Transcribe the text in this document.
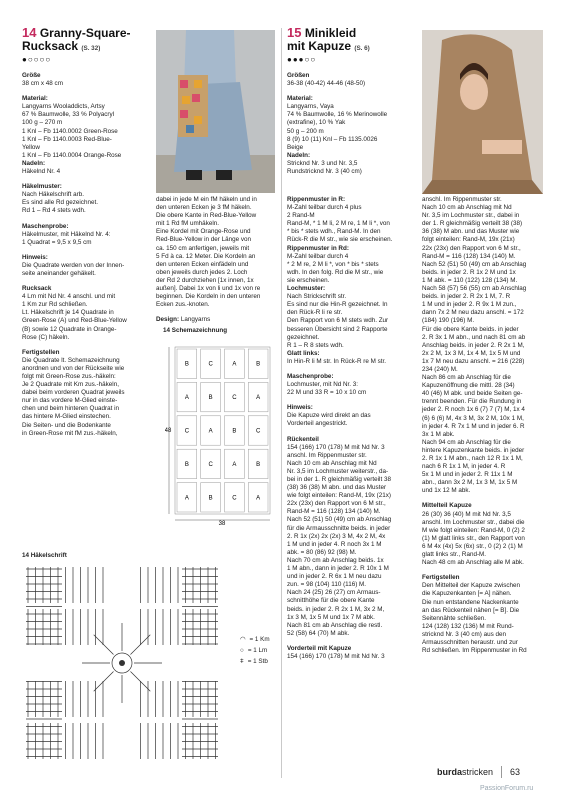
14 Granny-Square-
Rucksack (S. 32)
●○○○○

Größe
38 cm x 48 cm

Material:
Langyarns Wooladdicts, Artsy
67 % Baumwolle, 33 % Polyacryl
100 g – 270 m
1 Knl – Fb 1140.0002 Green-Rose
1 Knl – Fb 1140.0003 Red-Blue-
Yellow
1 Knl – Fb 1140.0004 Orange-Rose
Nadeln:
Häkelnd Nr. 4

Häkelmuster:
Nach Häkelschrift arb.
Es sind alle Rd gezeichnet.
Rd 1 – Rd 4 stets wdh.

Maschenprobe:
Häkelmuster, mit Häkelnd Nr. 4:
1 Quadrat = 9,5 x 9,5 cm

Hinweis:
Die Quadrate werden von der Innen-
seite aneinander gehäkelt.

Rucksack
4 Lm mit Nd Nr. 4 anschl. und mit
1 Km zur Rd schließen.
Lt. Häkelschrift je 14 Quadrate in
Green-Rose (A) und Red-Blue-Yellow
(B) sowie 12 Quadrate in Orange-
Rose (C) häkeln.

Fertigstellen
Die Quadrate lt. Schemazeichnung
anordnen und von der Rückseite wie
folgt mit Green-Rose zus.-häkeln:
Je 2 Quadrate mit Km zus.-häkeln,
dabei beim vorderen Quadrat jeweils
nur in das vordere M-Glied einste-
chen und beim hinteren Quadrat in
das hintere M-Glied einstechen.
Die Seiten- und die Bodenkante
in Green-Rose mit fM zus.-häkeln,

dabei in jede M ein fM häkeln und in
den unteren Ecken je 3 fM häkeln.
Die obere Kante in Red-Blue-Yellow
mit 1 Rd fM umhäkeln.
Eine Kordel mit Orange-Rose und
Red-Blue-Yellow in der Länge von
ca. 150 cm anfertigen, jeweils mit
5 Fd à ca. 12 Meter. Die Kordeln an
den unteren Ecken einfädeln und
oben jeweils durch jedes 2. Loch
der Rd 2 durchziehen [1x innen, 1x
außen]. Dabei 1x von li und 1x von re
beginnen. Die Kordeln in den unteren
Ecken zus.-knoten.

Design: Langyarns

14 Schemazeichnung
B	C	A	B
A	B	C	A
C	A	B	C
B	C	A	B
A	B	C	A
48
38
14 Häkelschrift
◠ = 1 Km
○ = 1 Lm
ǂ = 1 Stb
15 Minikleid
mit Kapuze (S. 6)
●●●○○

Größen
36-38 (40-42) 44-46 (48-50)

Material:
Langyarns, Vaya
74 % Baumwolle, 16 % Merinowolle
(extrafine), 10 % Yak
50 g – 200 m
8 (9) 10 (11) Knl – Fb 1135.0026
Beige
Nadeln:
Stricknd Nr. 3 und Nr. 3,5
Rundstricknd Nr. 3 (40 cm)

Rippenmuster in R:
M-Zahl teilbar durch 4 plus
2 Rand-M
Rand-M, * 1 M li, 2 M re, 1 M li *, von
* bis * stets wdh., Rand-M. In den
Rück-R die M str., wie sie erscheinen.
Rippenmuster in Rd:
M-Zahl teilbar durch 4
* 2 M re, 2 M li *, von * bis * stets
wdh. In den folg. Rd die M str., wie
sie erscheinen.
Lochmuster:
Nach Strickschrift str.
Es sind nur die Hin-R gezeichnet. In
den Rück-R li re str.
Den Rapport von 6 M stets wdh. Zur
besseren Übersicht sind 2 Rapporte
gezeichnet.
R 1 – R 8 stets wdh.
Glatt links:
In Hin-R li M str. In Rück-R re M str.

Maschenprobe:
Lochmuster, mit Nd Nr. 3:
22 M und 33 R = 10 x 10 cm

Hinweis:
Die Kapuze wird direkt an das
Vorderteil angestrickt.

Rückenteil
154 (166) 170 (178) M mit Nd Nr. 3
anschl. Im Rippenmuster str.
Nach 10 cm ab Anschlag mit Nd
Nr. 3,5 im Lochmuster weiterstr., da-
bei in der 1. R gleichmäßig verteilt 38
(38) 36 (38) M abn. und das Muster
wie folgt einteilen: Rand-M, 19x (21x)
22x (23x) den Rapport von 6 M str.,
Rand-M = 116 (128) 134 (140) M.
Nach 52 (51) 50 (49) cm ab Anschlag
für die Armausschnitte beids. in jeder
2. R 1x (2x) 2x (2x) 3 M, 4x 2 M, 4x
1 M und in jeder 4. R noch 3x 1 M
abk. = 80 (86) 92 (98) M.
Nach 70 cm ab Anschlag beids. 1x
1 M abn., dann in jeder 2. R 10x 1 M
und in jeder 2. R 6x 1 M neu dazu
zun. = 98 (104) 110 (116) M.
Nach 24 (25) 26 (27) cm Armaus-
schnitthöhe für die obere Kante
beids. in jeder 2. R 2x 1 M, 3x 2 M,
1x 3 M, 1x 5 M und 1x 7 M abk.
Nach 81 cm ab Anschlag die restl.
52 (58) 64 (70) M abk.

Vorderteil mit Kapuze
154 (166) 170 (178) M mit Nd Nr. 3

anschl. Im Rippenmuster str.
Nach 10 cm ab Anschlag mit Nd
Nr. 3,5 im Lochmuster str., dabei in
der 1. R gleichmäßig verteilt 38 (38)
36 (38) M abn. und das Muster wie
folgt einteilen: Rand-M, 19x (21x)
22x (23x) den Rapport von 6 M str.,
Rand-M = 116 (128) 134 (140) M.
Nach 52 (51) 50 (49) cm ab Anschlag
beids. in jeder 2. R 1x 2 M und 1x
1 M abk. = 110 (122) 128 (134) M.
Nach 58 (57) 56 (55) cm ab Anschlag
beids. in jeder 2. R 2x 1 M, 7. R
1 M und in jeder 2. R 9x 1 M zun.,
dann 7x 2 M neu dazu anschl. = 172
(184) 190 (196) M.
Für die obere Kante beids. in jeder
2. R 3x 1 M abn., und nach 81 cm ab
Anschlag beids. in jeder 2. R 2x 1 M,
2x 2 M, 1x 3 M, 1x 4 M, 1x 5 M und
1x 7 M neu dazu anschl. = 216 (228)
234 (240) M.
Nach 86 cm ab Anschlag für die
Kapuzenöffnung die mittl. 28 (34)
40 (46) M abk. und beide Seiten ge-
trennt beenden. Für die Rundung in
jeder 2. R noch 1x 6 (7) 7 (7) M, 1x 4
(6) 6 (6) M, 4x 3 M, 3x 2 M, 10x 1 M,
in jeder 4. R 7x 1 M und in jeder 6. R
3x 1 M abk.
Nach 94 cm ab Anschlag für die
hintere Kapuzenkante beids. in jeder
2. R 1x 1 M abn., nach 12 R 1x 1 M,
nach 6 R 1x 1 M, in jeder 4. R
5x 1 M und in jeder 2. R 11x 1 M
abn., dann 3x 2 M, 1x 3 M, 1x 5 M
und 1x 12 M abk.

Mittelteil Kapuze
26 (30) 36 (40) M mit Nd Nr. 3,5
anschl. Im Lochmuster str., dabei die
M wie folgt einteilen: Rand-M, 0 (2) 2
(1) M glatt links str., den Rapport von
6 M 4x (4x) 5x (6x) str., 0 (2) 2 (1) M
glatt links str., Rand-M.
Nach 48 cm ab Anschlag alle M abk.

Fertigstellen
Den Mittelteil der Kapuze zwischen
die Kapuzenkanten [= A] nähen.
Die nun entstandene Nackenkante
an das Rückenteil nähen [= B]. Die
Seitennähte schließen.
124 (128) 132 (136) M mit Rund-
stricknd Nr. 3 (40 cm) aus den
Armausschnitten heraustr. und zur
Rd schließen. Im Rippenmuster in Rd

burdastricken 63
PassionForum.ru
